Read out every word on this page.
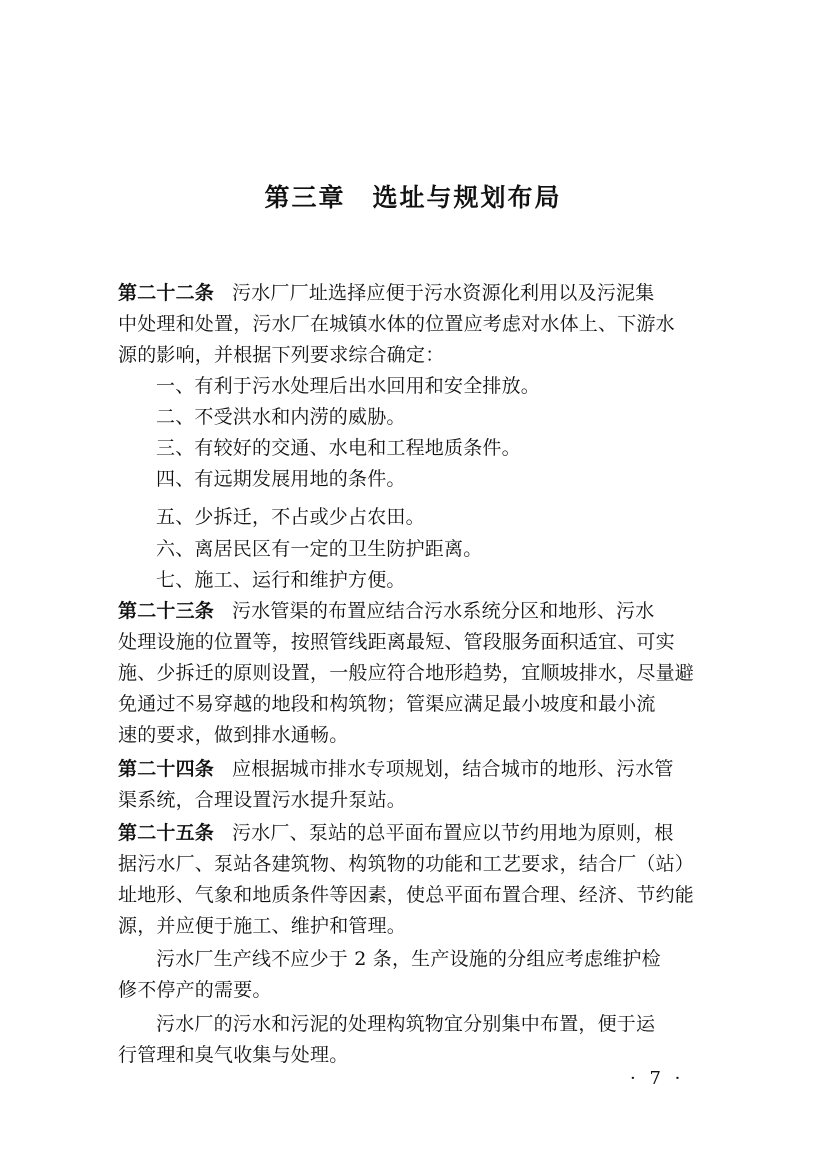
第三章　选址与规划布局
第二十二条 污水厂厂址选择应便于污水资源化利用以及污泥集
中处理和处置，污水厂在城镇水体的位置应考虑对水体上、下游水
源的影响，并根据下列要求综合确定：
一、有利于污水处理后出水回用和安全排放。
二、不受洪水和内涝的威胁。
三、有较好的交通、水电和工程地质条件。
四、有远期发展用地的条件。
五、少拆迁，不占或少占农田。
六、离居民区有一定的卫生防护距离。
七、施工、运行和维护方便。
第二十三条 污水管渠的布置应结合污水系统分区和地形、污水
处理设施的位置等，按照管线距离最短、管段服务面积适宜、可实
施、少拆迁的原则设置，一般应符合地形趋势，宜顺坡排水，尽量避
免通过不易穿越的地段和构筑物；管渠应满足最小坡度和最小流
速的要求，做到排水通畅。
第二十四条 应根据城市排水专项规划，结合城市的地形、污水管
渠系统，合理设置污水提升泵站。
第二十五条 污水厂、泵站的总平面布置应以节约用地为原则，根
据污水厂、泵站各建筑物、构筑物的功能和工艺要求，结合厂（站）
址地形、气象和地质条件等因素，使总平面布置合理、经济、节约能
源，并应便于施工、维护和管理。
污水厂生产线不应少于 2 条，生产设施的分组应考虑维护检
修不停产的需要。
污水厂的污水和污泥的处理构筑物宜分别集中布置，便于运
行管理和臭气收集与处理。
· 7 ·
